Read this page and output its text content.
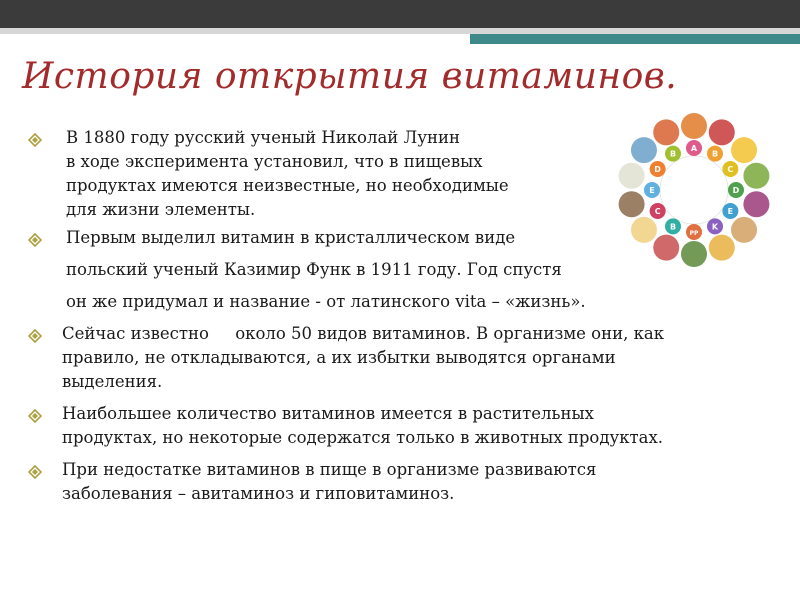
История открытия витаминов.
В 1880 году русский ученый Николай Лунин
в ходе эксперимента установил, что в пищевых
продуктах имеются неизвестные, но необходимые
для жизни элементы.
Первым выделил витамин в кристаллическом виде
польский ученый Казимир Функ в 1911 году. Год спустя
он же придумал и название - от латинского vita – «жизнь».
Сейчас известно     около 50 видов витаминов. В организме они, как
правило, не откладываются, а их избытки выводятся органами
выделения.
Наибольшее количество витаминов имеется в растительных
продуктах, но некоторые содержатся только в животных продуктах.
При недостатке витаминов в пище в организме развиваются
заболевания – авитаминоз и гиповитаминоз.
A
B
C
D
E
K
PP
B
C
E
D
B
